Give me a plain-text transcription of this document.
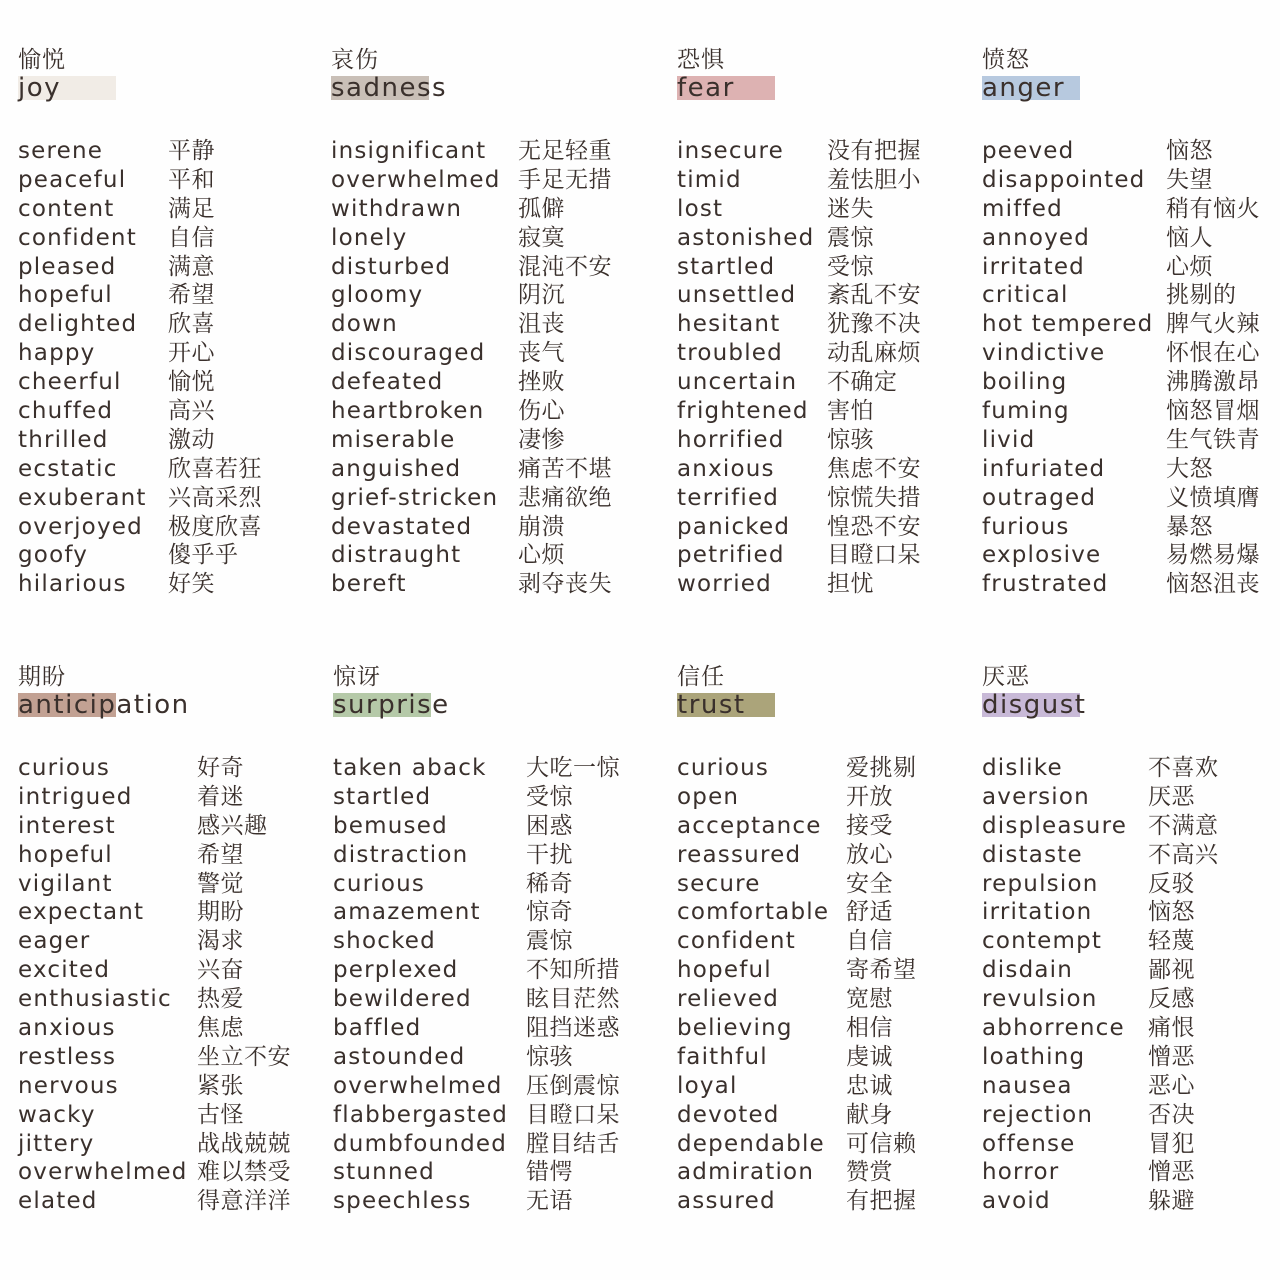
愉悦
joy
serene	平静
peaceful 平和
content 满足
confident 自信
pleased 满意
hopeful 希望
delighted 欣喜
happy	开心
cheerful 愉悦
chuffed 高兴
thrilled	激动
ecstatic 欣喜若狂
exuberant 兴高采烈
overjoyed 极度欣喜
goofy	傻乎乎
hilarious 好笑
哀伤
sadness
insignificant 无足轻重
overwhelmed 手足无措
withdrawn 孤僻
lonely	寂寞
disturbed	混沌不安
gloomy	阴沉
down	沮丧
discouraged 丧气
defeated	挫败
heartbroken 伤心
miserable	凄惨
anguished 痛苦不堪
grief-stricken 悲痛欲绝
devastated 崩溃
distraught 心烦
bereft	剥夺丧失
恐惧
fear
insecure 没有把握
timid	羞怯胆小
lost	迷失
astonished 震惊
startled 受惊
unsettled 紊乱不安
hesitant 犹豫不决
troubled 动乱麻烦
uncertain 不确定
frightened 害怕
horrified 惊骇
anxious 焦虑不安
terrified 惊慌失措
panicked 惶恐不安
petrified 目瞪口呆
worried 担忧
愤怒
anger
peeved	恼怒
disappointed 失望
miffed	稍有恼火
annoyed	恼人
irritated	心烦
critical	挑剔的
hot tempered 脾气火辣
vindictive	怀恨在心
boiling	沸腾激昂
fuming	恼怒冒烟
livid	生气铁青
infuriated	大怒
outraged	义愤填膺
furious	暴怒
explosive	易燃易爆
frustrated	恼怒沮丧
期盼
anticipation
curious	好奇
intrigued	着迷
interest	感兴趣
hopeful	希望
vigilant	警觉
expectant 期盼
eager	渴求
excited	兴奋
enthusiastic 热爱
anxious	焦虑
restless	坐立不安
nervous	紧张
wacky	古怪
jittery	战战兢兢
overwhelmed 难以禁受
elated	得意洋洋
惊讶
surprise
taken aback 大吃一惊
startled	受惊
bemused	困惑
distraction	干扰
curious	稀奇
amazement 惊奇
shocked	震惊
perplexed	不知所措
bewildered 眩目茫然
baffled	阻挡迷惑
astounded	惊骇
overwhelmed 压倒震惊
flabbergasted 目瞪口呆
dumbfounded 膛目结舌
stunned	错愕
speechless 无语
信任
trust
curious	爱挑剔
open	开放
acceptance 接受
reassured 放心
secure	安全
comfortable 舒适
confident 自信
hopeful	寄希望
relieved	宽慰
believing 相信
faithful	虔诚
loyal	忠诚
devoted	献身
dependable 可信赖
admiration 赞赏
assured	有把握
厌恶
disgust
dislike	不喜欢
aversion	厌恶
displeasure 不满意
distaste	不高兴
repulsion 反驳
irritation 恼怒
contempt 轻蔑
disdain	鄙视
revulsion 反感
abhorrence 痛恨
loathing	憎恶
nausea	恶心
rejection 否决
offense	冒犯
horror	憎恶
avoid	躲避
